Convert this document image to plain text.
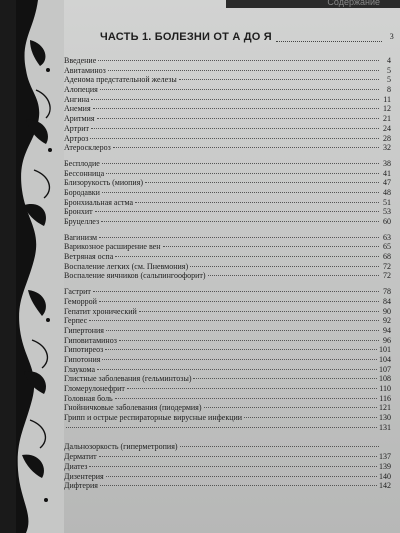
Содержание
ЧАСТЬ 1. БОЛЕЗНИ ОТ А ДО Я	3
Введение	4
Авитаминоз	5
Аденома предстательной железы	5
Алопеция	8
Ангина	11
Анемия	12
Аритмия	21
Артрит	24
Артроз	28
Атеросклероз	32
Бесплодие	38
Бессонница	41
Близорукость (миопия)	47
Бородавки	48
Бронхиальная астма	51
Бронхит	53
Бруцеллез	60
Вагинизм	63
Варикозное расширение вен	65
Ветряная оспа	68
Воспаление легких (см. Пневмония)	72
Воспаление яичников (сальпингоофорит)	72
Гастрит	78
Геморрой	84
Гепатит хронический	90
Герпес	92
Гипертония	94
Гиповитаминоз	96
Гипотиреоз	101
Гипотония	104
Глаукома	107
Глистные заболевания (гельминтозы)	108
Гломерулонефрит	110
Головная боль	116
Гнойничковые заболевания (пиодермия)	121
Грипп и острые респираторные вирусные инфекции	130
131
Дальнозоркость (гиперметропия)
Дерматит	137
Диатез	139
Дизентерия	140
Дифтерия	142
